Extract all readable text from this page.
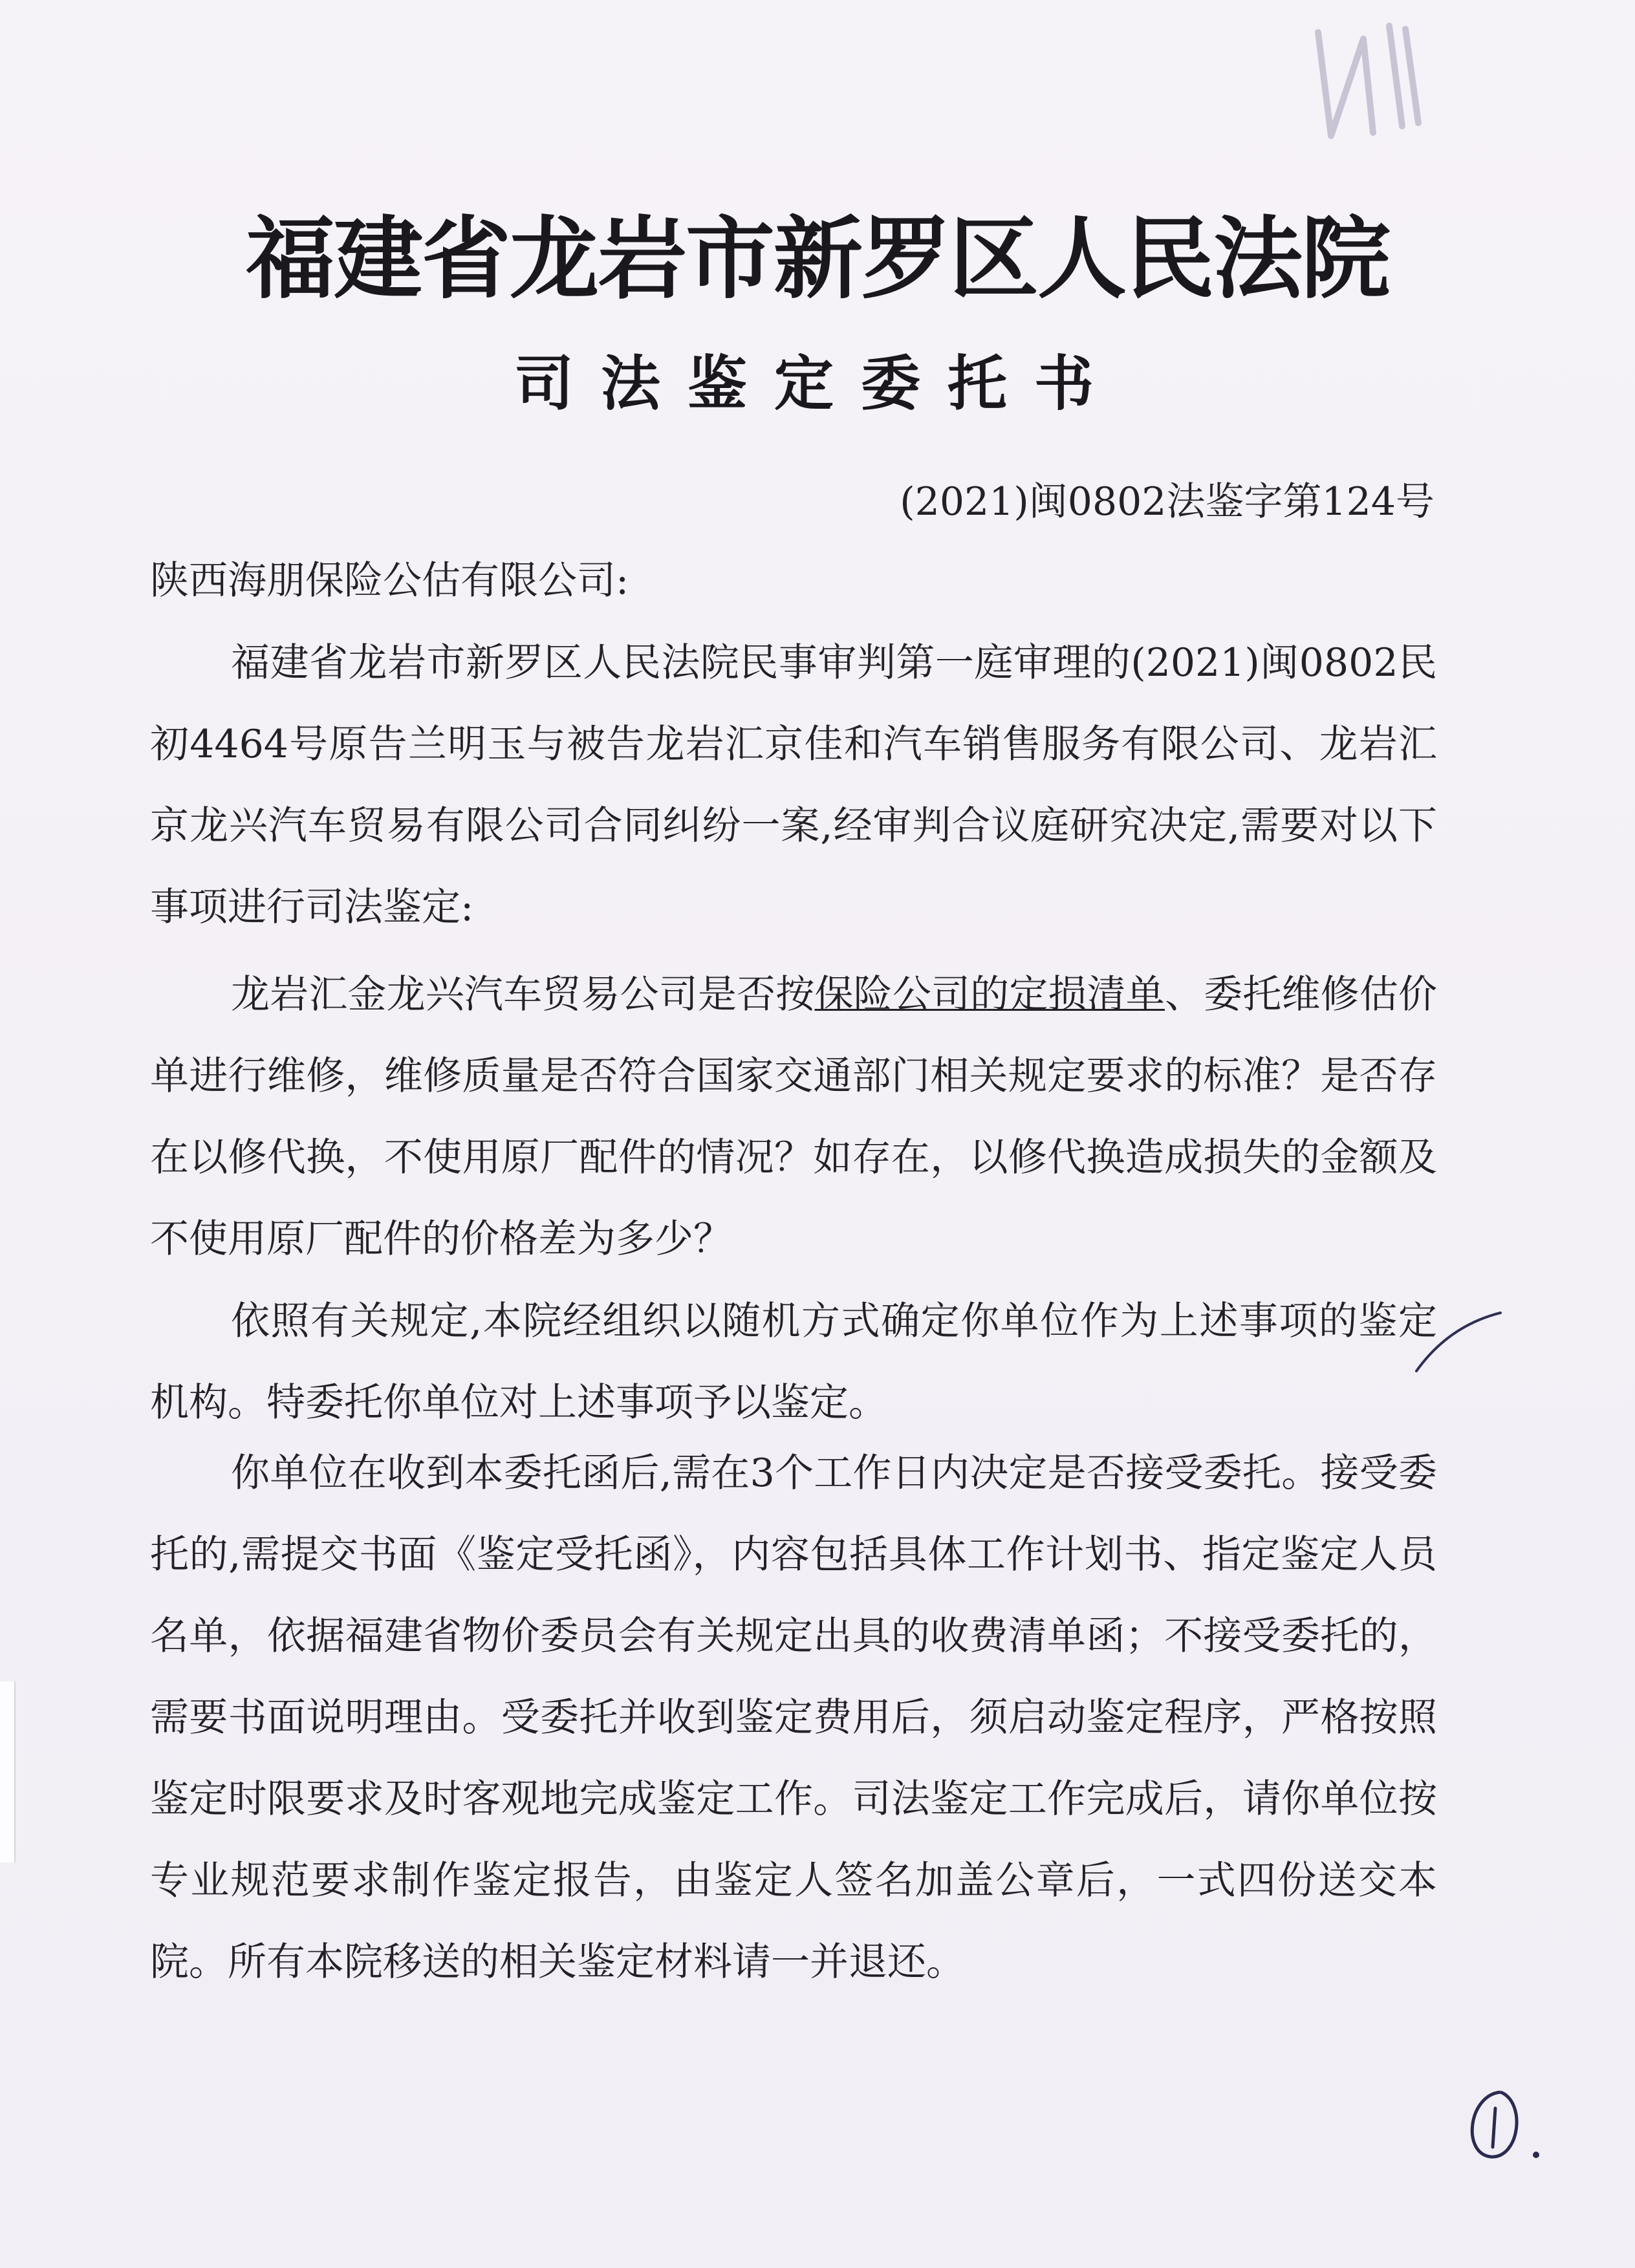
福建省龙岩市新罗区人民法院
司法鉴定委托书
(2021)闽0802法鉴字第124号
陕西海朋保险公估有限公司:
福建省龙岩市新罗区人民法院民事审判第一庭审理的(2021)闽0802民初4464号原告兰明玉与被告龙岩汇京佳和汽车销售服务有限公司、龙岩汇京龙兴汽车贸易有限公司合同纠纷一案,经审判合议庭研究决定,需要对以下事项进行司法鉴定:
龙岩汇金龙兴汽车贸易公司是否按保险公司的定损清单、委托维修估价单进行维修，维修质量是否符合国家交通部门相关规定要求的标准？是否存在以修代换，不使用原厂配件的情况？如存在，以修代换造成损失的金额及不使用原厂配件的价格差为多少？
依照有关规定,本院经组织以随机方式确定你单位作为上述事项的鉴定机构。特委托你单位对上述事项予以鉴定。
你单位在收到本委托函后,需在3个工作日内决定是否接受委托。接受委托的,需提交书面《鉴定受托函》，内容包括具体工作计划书、指定鉴定人员名单，依据福建省物价委员会有关规定出具的收费清单函；不接受委托的，需要书面说明理由。受委托并收到鉴定费用后，须启动鉴定程序，严格按照鉴定时限要求及时客观地完成鉴定工作。司法鉴定工作完成后，请你单位按专业规范要求制作鉴定报告，由鉴定人签名加盖公章后，一式四份送交本院。所有本院移送的相关鉴定材料请一并退还。
